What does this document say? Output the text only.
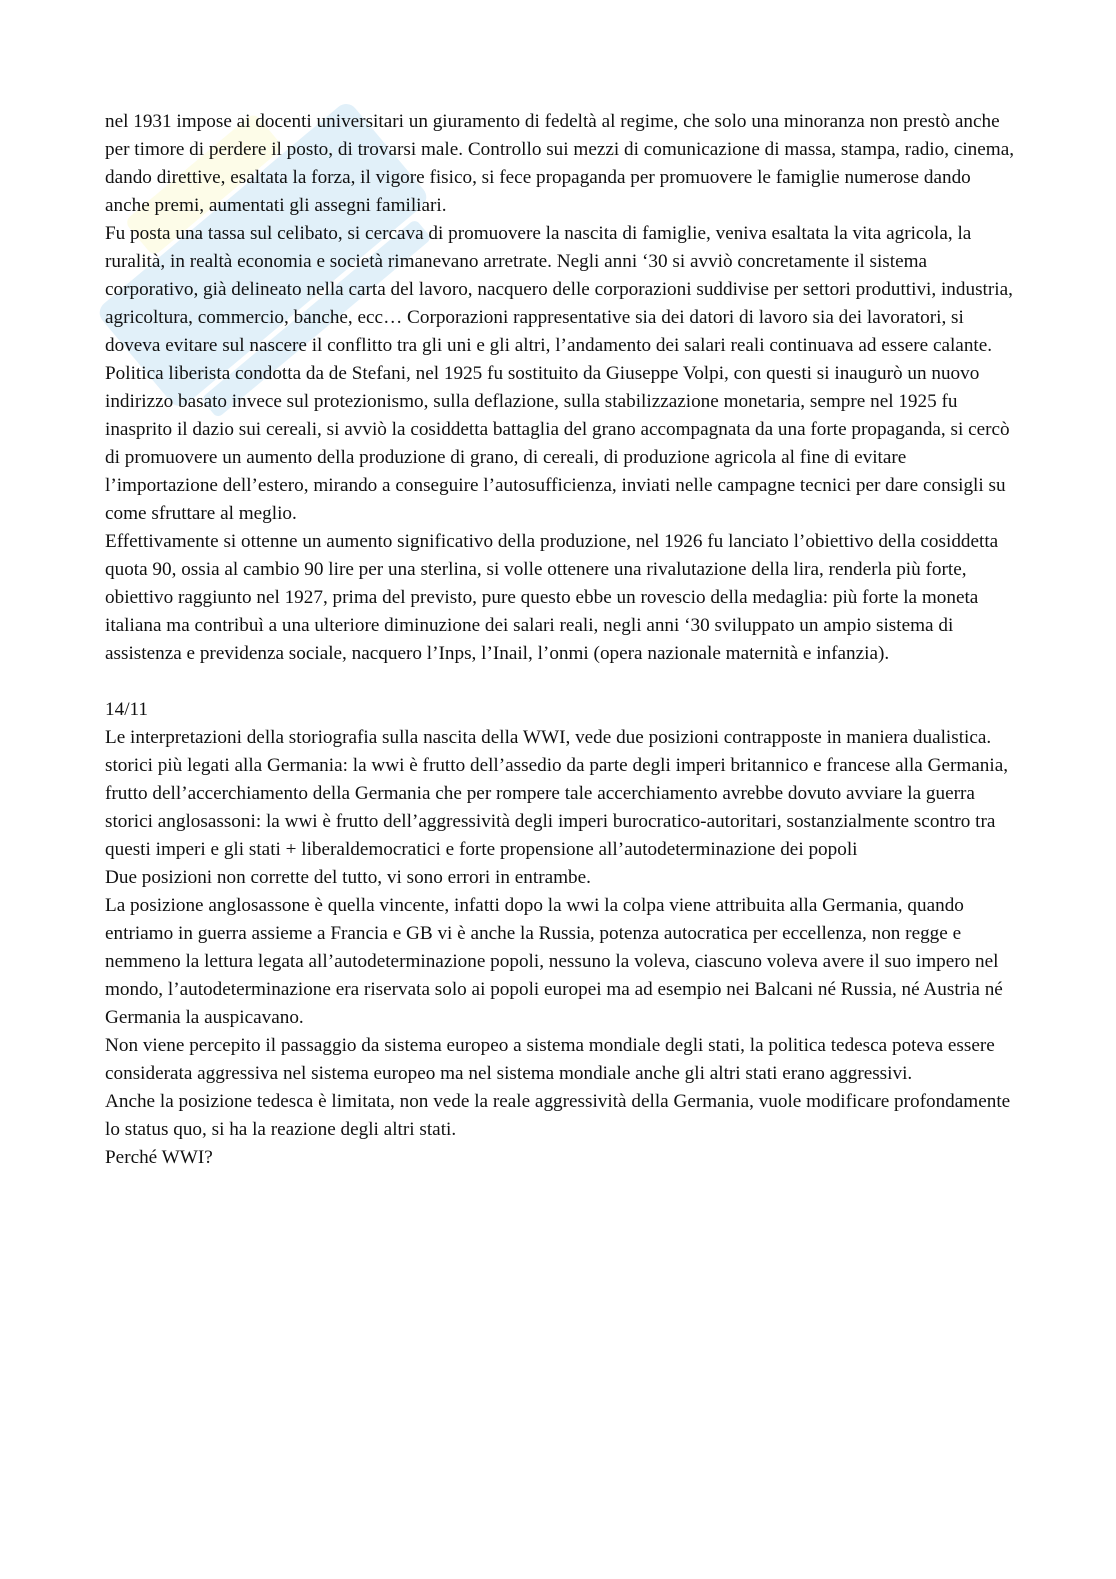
nel 1931 impose ai docenti universitari un giuramento di fedeltà al regime, che solo una minoranza non prestò anche per timore di perdere il posto, di trovarsi male. Controllo sui mezzi di comunicazione di massa, stampa, radio, cinema, dando direttive, esaltata la forza, il vigore fisico, si fece propaganda per promuovere le famiglie numerose dando anche premi, aumentati gli assegni familiari.

Fu posta una tassa sul celibato, si cercava di promuovere la nascita di famiglie, veniva esaltata la vita agricola, la ruralità, in realtà economia e società rimanevano arretrate. Negli anni ‘30 si avviò concretamente il sistema corporativo, già delineato nella carta del lavoro, nacquero delle corporazioni suddivise per settori produttivi, industria, agricoltura, commercio, banche, ecc… Corporazioni rappresentative sia dei datori di lavoro sia dei lavoratori, si doveva evitare sul nascere il conflitto tra gli uni e gli altri, l’andamento dei salari reali continuava ad essere calante. Politica liberista condotta da de Stefani, nel 1925 fu sostituito da Giuseppe Volpi, con questi si inaugurò un nuovo indirizzo basato invece sul protezionismo, sulla deflazione, sulla stabilizzazione monetaria, sempre nel 1925 fu inasprito il dazio sui cereali, si avviò la cosiddetta battaglia del grano accompagnata da una forte propaganda, si cercò di promuovere un aumento della produzione di grano, di cereali, di produzione agricola al fine di evitare l’importazione dell’estero, mirando a conseguire l’autosufficienza, inviati nelle campagne tecnici per dare consigli su come sfruttare al meglio.

Effettivamente si ottenne un aumento significativo della produzione, nel 1926 fu lanciato l’obiettivo della cosiddetta quota 90, ossia al cambio 90 lire per una sterlina, si volle ottenere una rivalutazione della lira, renderla più forte, obiettivo raggiunto nel 1927, prima del previsto, pure questo ebbe un rovescio della medaglia: più forte la moneta italiana ma contribuì a una ulteriore diminuzione dei salari reali, negli anni ‘30 sviluppato un ampio sistema di assistenza e previdenza sociale, nacquero l’Inps, l’Inail, l’onmi (opera nazionale maternità e infanzia).

14/11

Le interpretazioni della storiografia sulla nascita della WWI, vede due posizioni contrapposte in maniera dualistica.

storici più legati alla Germania: la wwi è frutto dell’assedio da parte degli imperi britannico e francese alla Germania, frutto dell’accerchiamento della Germania che per rompere tale accerchiamento avrebbe dovuto avviare la guerra

storici anglosassoni: la wwi è frutto dell’aggressività degli imperi burocratico-autoritari, sostanzialmente scontro tra questi imperi e gli stati + liberaldemocratici e forte propensione all’autodeterminazione dei popoli

Due posizioni non corrette del tutto, vi sono errori in entrambe.

La posizione anglosassone è quella vincente, infatti dopo la wwi la colpa viene attribuita alla Germania, quando entriamo in guerra assieme a Francia e GB vi è anche la Russia, potenza autocratica per eccellenza, non regge e nemmeno la lettura legata all’autodeterminazione popoli, nessuno la voleva, ciascuno voleva avere il suo impero nel mondo, l’autodeterminazione era riservata solo ai popoli europei ma ad esempio nei Balcani né Russia, né Austria né Germania la auspicavano.

Non viene percepito il passaggio da sistema europeo a sistema mondiale degli stati, la politica tedesca poteva essere considerata aggressiva nel sistema europeo ma nel sistema mondiale anche gli altri stati erano aggressivi.

Anche la posizione tedesca è limitata, non vede la reale aggressività della Germania, vuole modificare profondamente lo status quo, si ha la reazione degli altri stati.

Perché WWI?
